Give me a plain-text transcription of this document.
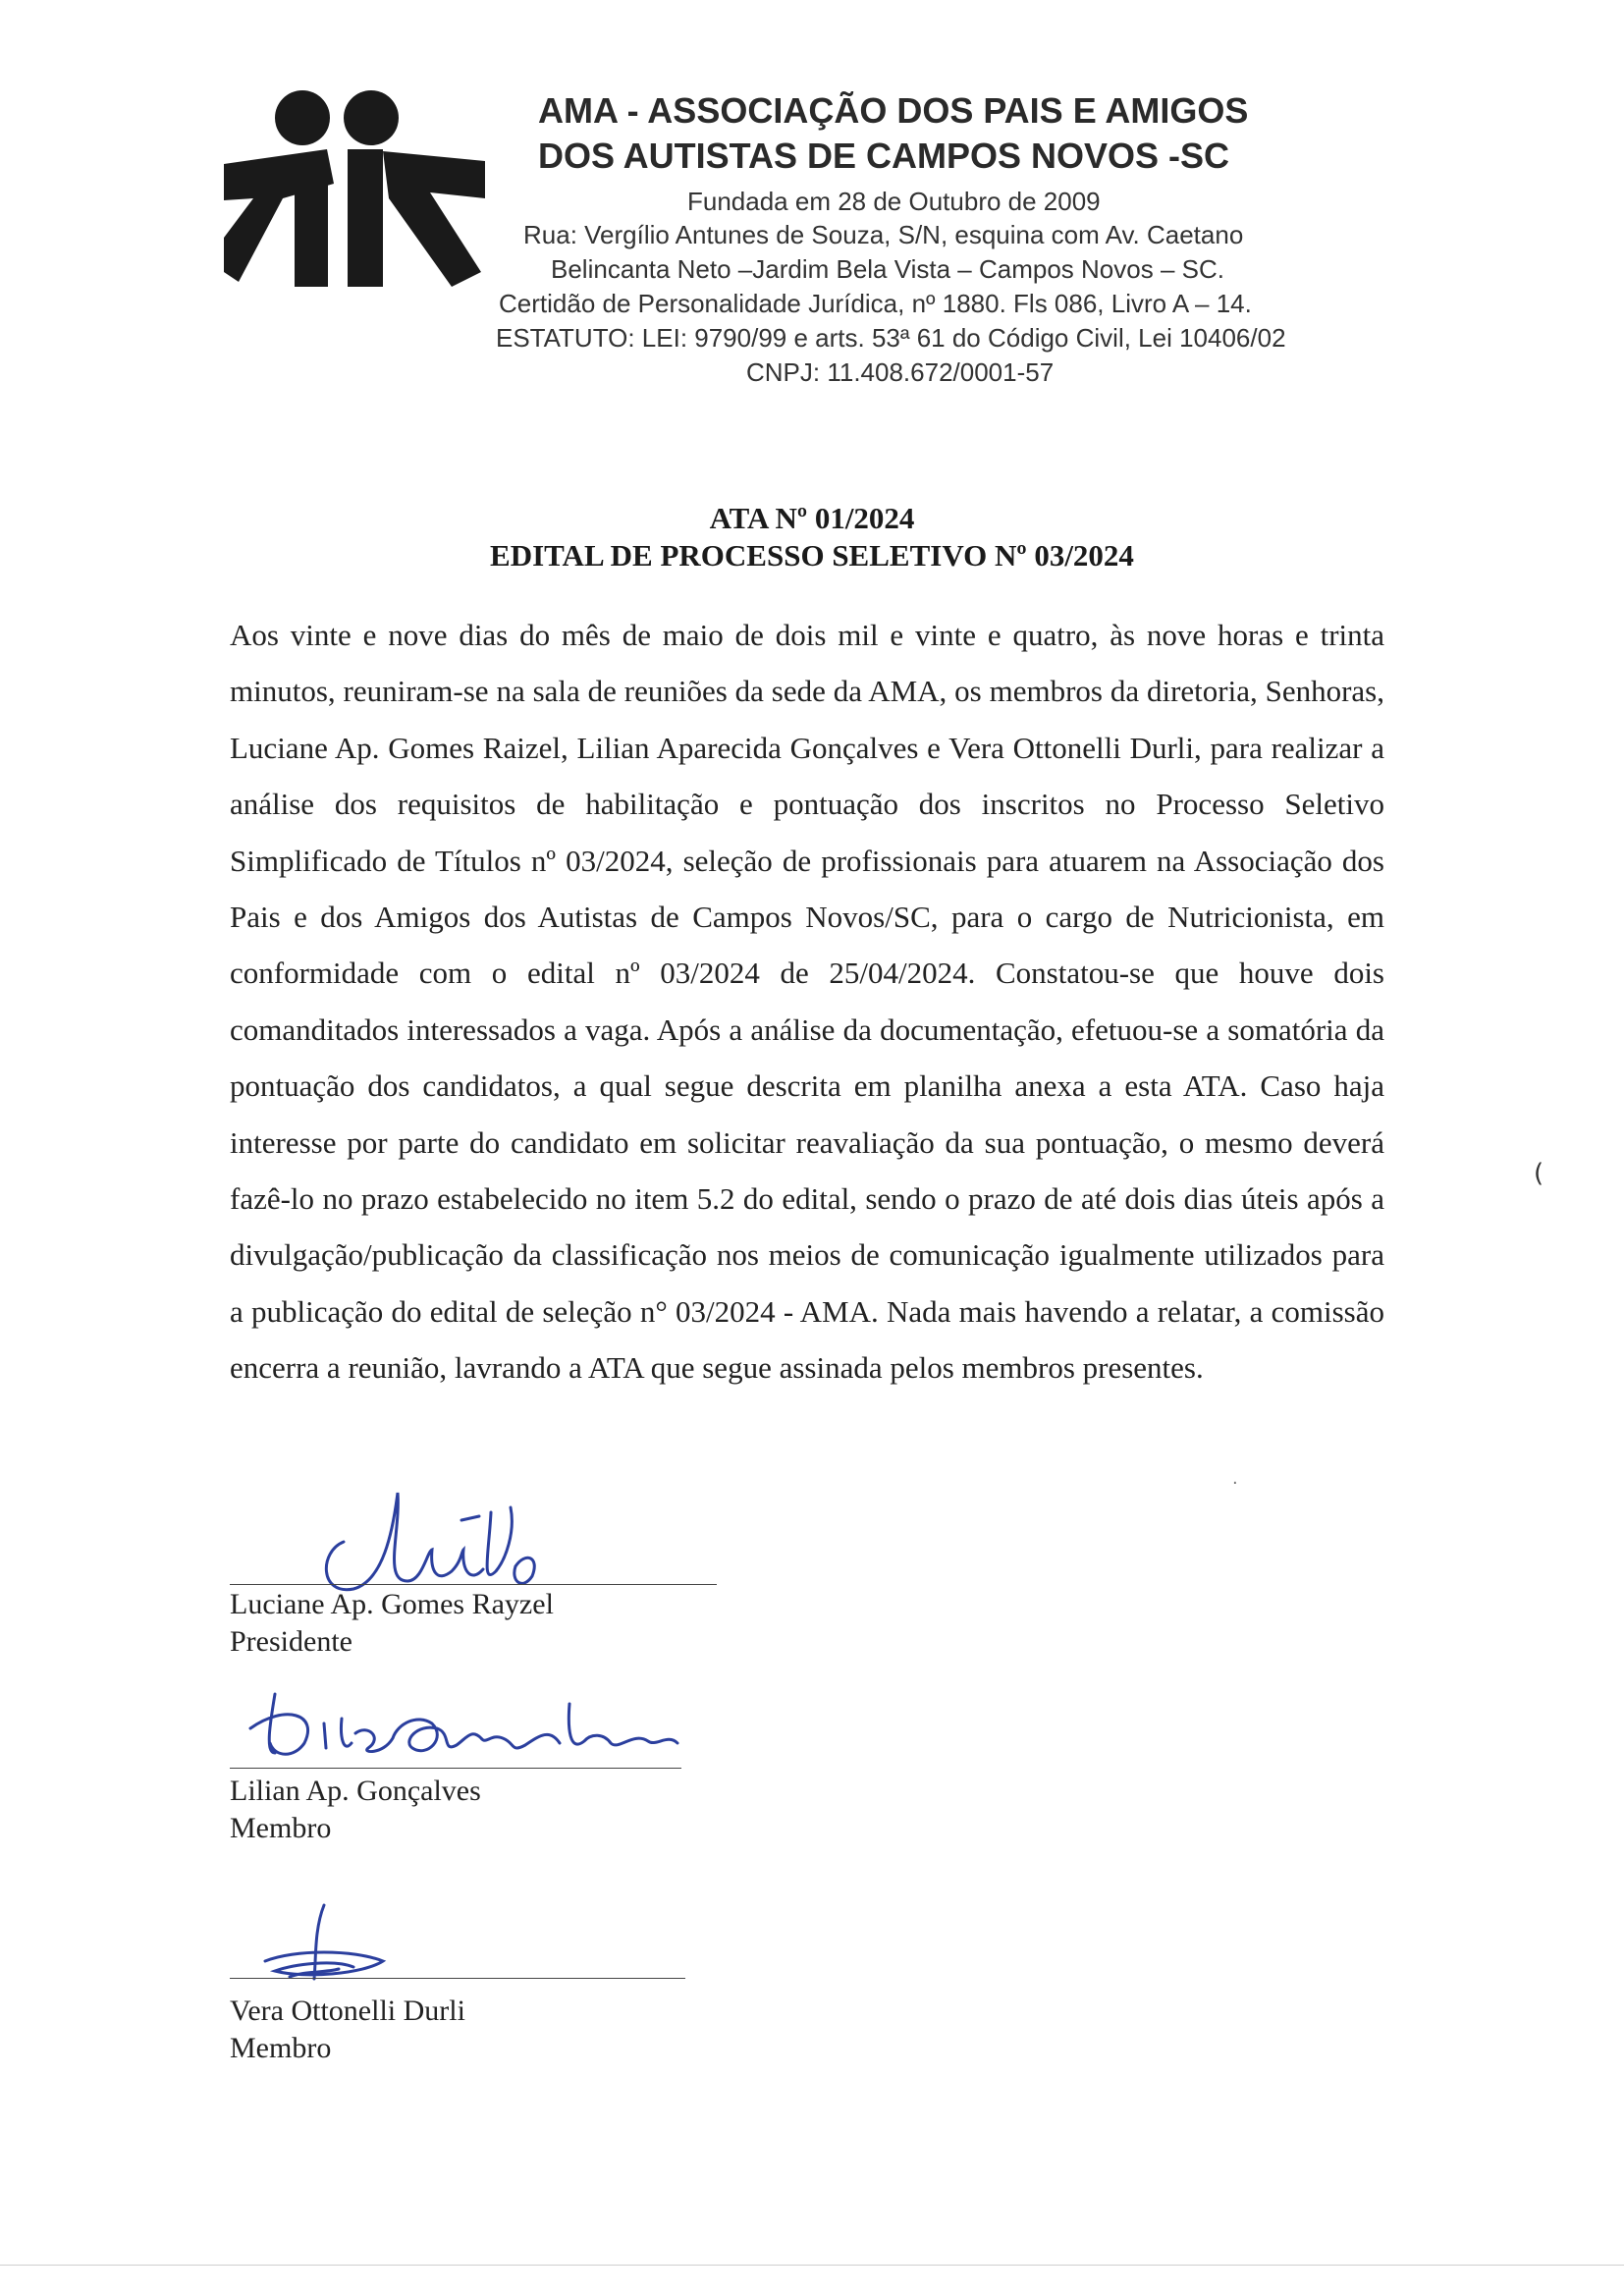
AMA - ASSOCIAÇÃO DOS PAIS E AMIGOS
DOS AUTISTAS DE CAMPOS NOVOS -SC

Fundada em 28 de Outubro de 2009

Rua: Vergílio Antunes de Souza, S/N, esquina com Av. Caetano

Belincanta Neto –Jardim Bela Vista – Campos Novos – SC.

Certidão de Personalidade Jurídica, nº 1880. Fls 086, Livro A – 14.

ESTATUTO: LEI: 9790/99 e arts. 53ª 61 do Código Civil, Lei 10406/02

CNPJ: 11.408.672/0001-57

ATA Nº 01/2024
EDITAL DE PROCESSO SELETIVO Nº 03/2024

Aos vinte e nove dias do mês de maio de dois mil e vinte e quatro, às nove horas e trinta minutos, reuniram-se na sala de reuniões da sede da AMA, os membros da diretoria, Senhoras, Luciane Ap. Gomes Raizel, Lilian Aparecida Gonçalves e Vera Ottonelli Durli, para realizar a análise dos requisitos de habilitação e pontuação dos inscritos no Processo Seletivo Simplificado de Títulos nº 03/2024, seleção de profissionais para atuarem na Associação dos Pais e dos Amigos dos Autistas de Campos Novos/SC, para o cargo de Nutricionista, em conformidade com o edital nº 03/2024 de 25/04/2024. Constatou-se que houve dois comanditados interessados a vaga. Após a análise da documentação, efetuou-se a somatória da pontuação dos candidatos, a qual segue descrita em planilha anexa a esta ATA. Caso haja interesse por parte do candidato em solicitar reavaliação da sua pontuação, o mesmo deverá fazê-lo no prazo estabelecido no item 5.2 do edital, sendo o prazo de até dois dias úteis após a divulgação/publicação da classificação nos meios de comunicação igualmente utilizados para a publicação do edital de seleção n° 03/2024 - AMA. Nada mais havendo a relatar, a comissão encerra a reunião, lavrando a ATA que segue assinada pelos membros presentes.

Luciane Ap. Gomes Rayzel

Presidente

Lilian Ap. Gonçalves

Membro

Vera Ottonelli Durli

Membro

(
·
